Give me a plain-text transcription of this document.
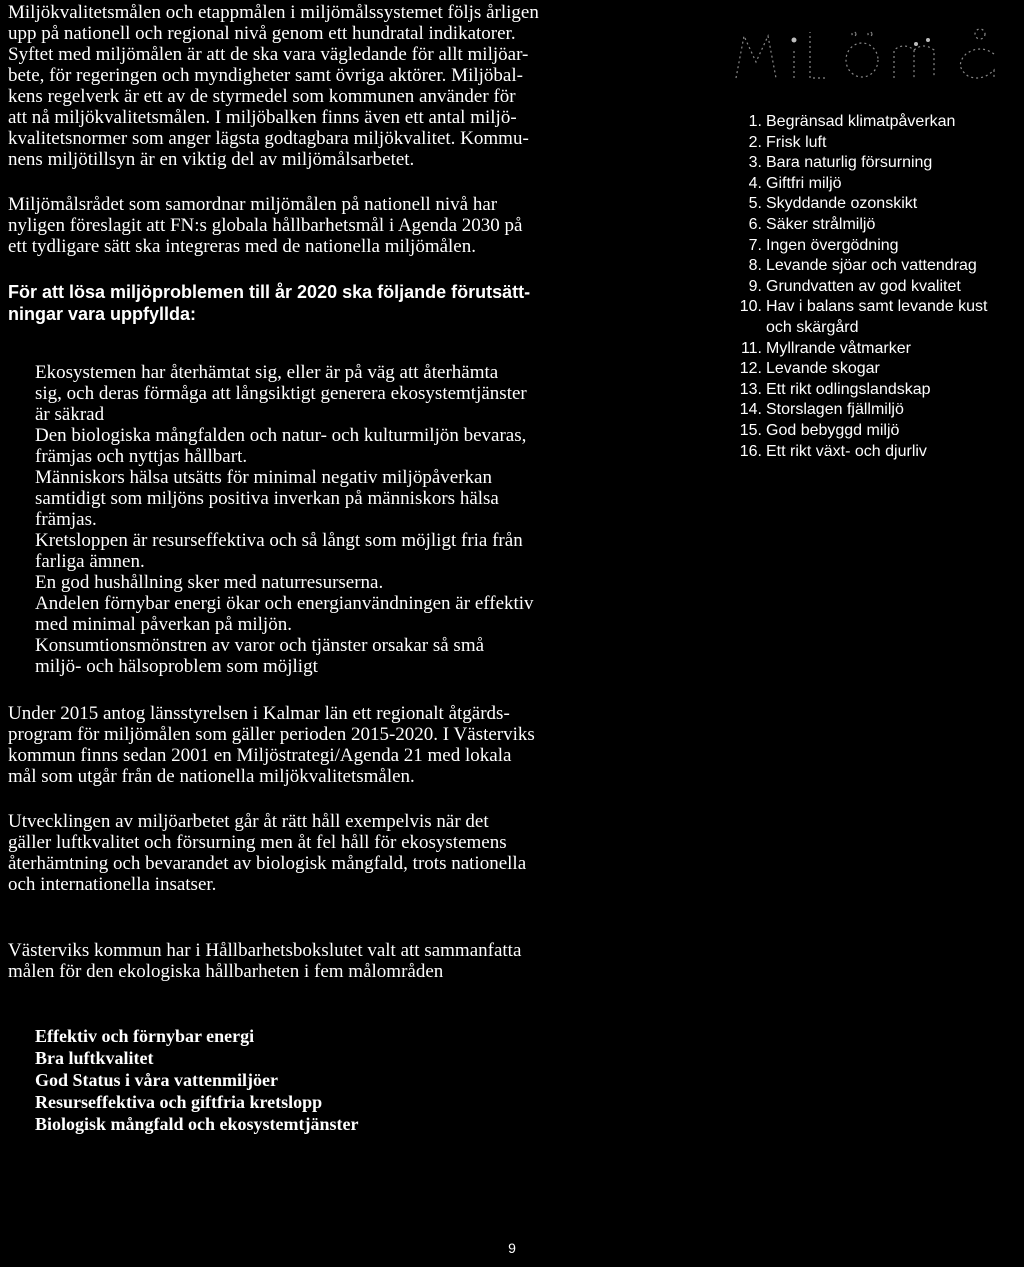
Miljökvalitetsmålen och etappmålen i miljömålssystemet följs årligen
upp på nationell och regional nivå genom ett hundratal indikatorer.
Syftet med miljömålen är att de ska vara vägledande för allt miljöar-
bete, för regeringen och myndigheter samt övriga aktörer. Miljöbal-
kens regelverk är ett av de styrmedel som kommunen använder för
att nå miljökvalitetsmålen. I miljöbalken finns även ett antal miljö-
kvalitetsnormer som anger lägsta godtagbara miljökvalitet. Kommu-
nens miljötillsyn är en viktig del av miljömålsarbetet.

Miljömålsrådet som samordnar miljömålen på nationell nivå har
nyligen föreslagit att FN:s globala hållbarhetsmål i Agenda 2030 på
ett tydligare sätt ska integreras med de nationella miljömålen.

För att lösa miljöproblemen till år 2020 ska följande förutsätt-
ningar vara uppfyllda:

Ekosystemen har återhämtat sig, eller är på väg att återhämta
sig, och deras förmåga att långsiktigt generera ekosystemtjänster
är säkrad
Den biologiska mångfalden och natur- och kulturmiljön bevaras,
främjas och nyttjas hållbart.
Människors hälsa utsätts för minimal negativ miljöpåverkan
samtidigt som miljöns positiva inverkan på människors hälsa
främjas.
Kretsloppen är resurseffektiva och så långt som möjligt fria från
farliga ämnen.
En god hushållning sker med naturresurserna.
Andelen förnybar energi ökar och energianvändningen är effektiv
med minimal påverkan på miljön.
Konsumtionsmönstren av varor och tjänster orsakar så små
miljö- och hälsoproblem som möjligt

Under 2015 antog länsstyrelsen i Kalmar län ett regionalt åtgärds-
program för miljömålen som gäller perioden 2015-2020. I Västerviks
kommun finns sedan 2001 en Miljöstrategi/Agenda 21 med lokala
mål som utgår från de nationella miljökvalitetsmålen.

Utvecklingen av miljöarbetet går åt rätt håll exempelvis när det
gäller luftkvalitet och försurning men åt fel håll för ekosystemens
återhämtning och bevarandet av biologisk mångfald, trots nationella
och internationella insatser.

Västerviks kommun har i Hållbarhetsbokslutet valt att sammanfatta
målen för den ekologiska hållbarheten i fem målområden

Effektiv och förnybar energi
Bra luftkvalitet
God Status i våra vattenmiljöer
Resurseffektiva och giftfria kretslopp
Biologisk mångfald och ekosystemtjänster
1. Begränsad klimatpåverkan
2. Frisk luft
3. Bara naturlig försurning
4. Giftfri miljö
5. Skyddande ozonskikt
6. Säker strålmiljö
7. Ingen övergödning
8. Levande sjöar och vattendrag
9. Grundvatten av god kvalitet
10. Hav i balans samt levande kust
och skärgård
11. Myllrande våtmarker
12. Levande skogar
13. Ett rikt odlingslandskap
14. Storslagen fjällmiljö
15. God bebyggd miljö
16. Ett rikt växt- och djurliv
9
